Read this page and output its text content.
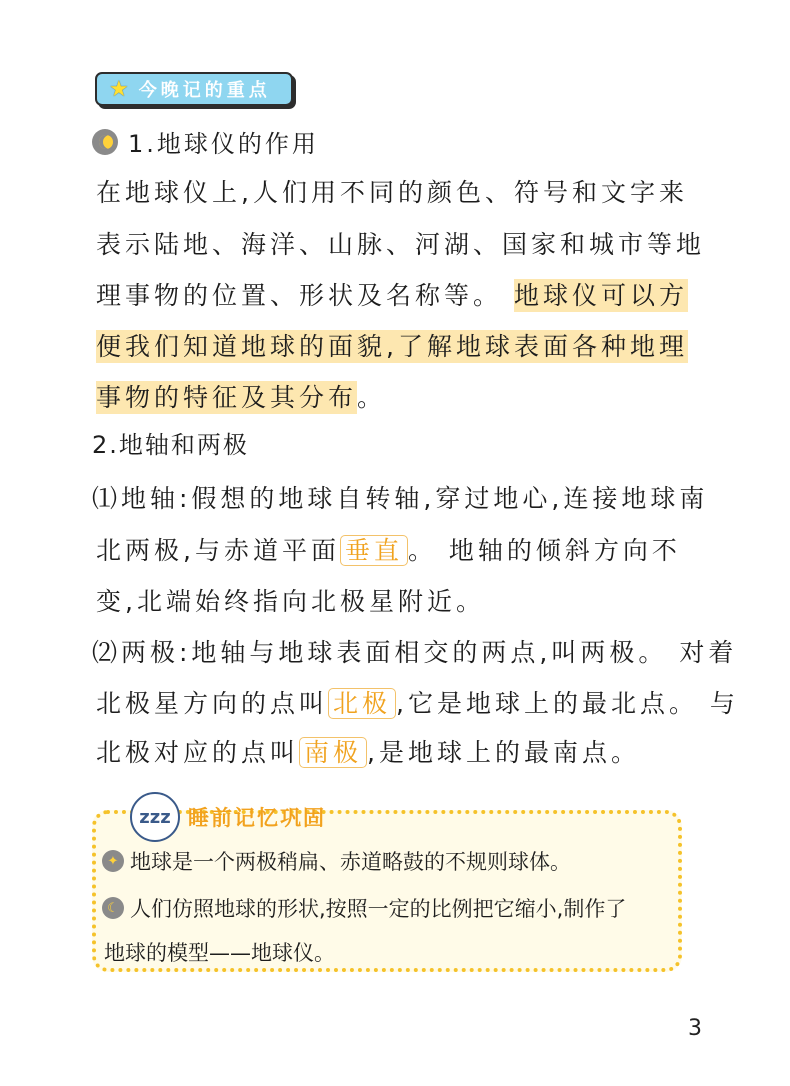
★ 今晚记的重点
1.地球仪的作用
在地球仪上,人们用不同的颜色、符号和文字来
表示陆地、海洋、山脉、河湖、国家和城市等地
理事物的位置、形状及名称等。 地球仪可以方
便我们知道地球的面貌,了解地球表面各种地理
事物的特征及其分布。
2.地轴和两极
⑴地轴:假想的地球自转轴,穿过地心,连接地球南
北两极,与赤道平面 垂直 。 地轴的倾斜方向不
变,北端始终指向北极星附近。
⑵两极:地轴与地球表面相交的两点,叫两极。 对着
北极星方向的点叫 北极 ,它是地球上的最北点。 与
北极对应的点叫 南极 ,是地球上的最南点。
zzz 睡前记忆巩固
✦ 地球是一个两极稍扁、赤道略鼓的不规则球体。
☾ 人们仿照地球的形状,按照一定的比例把它缩小,制作了
地球的模型——地球仪。
3
